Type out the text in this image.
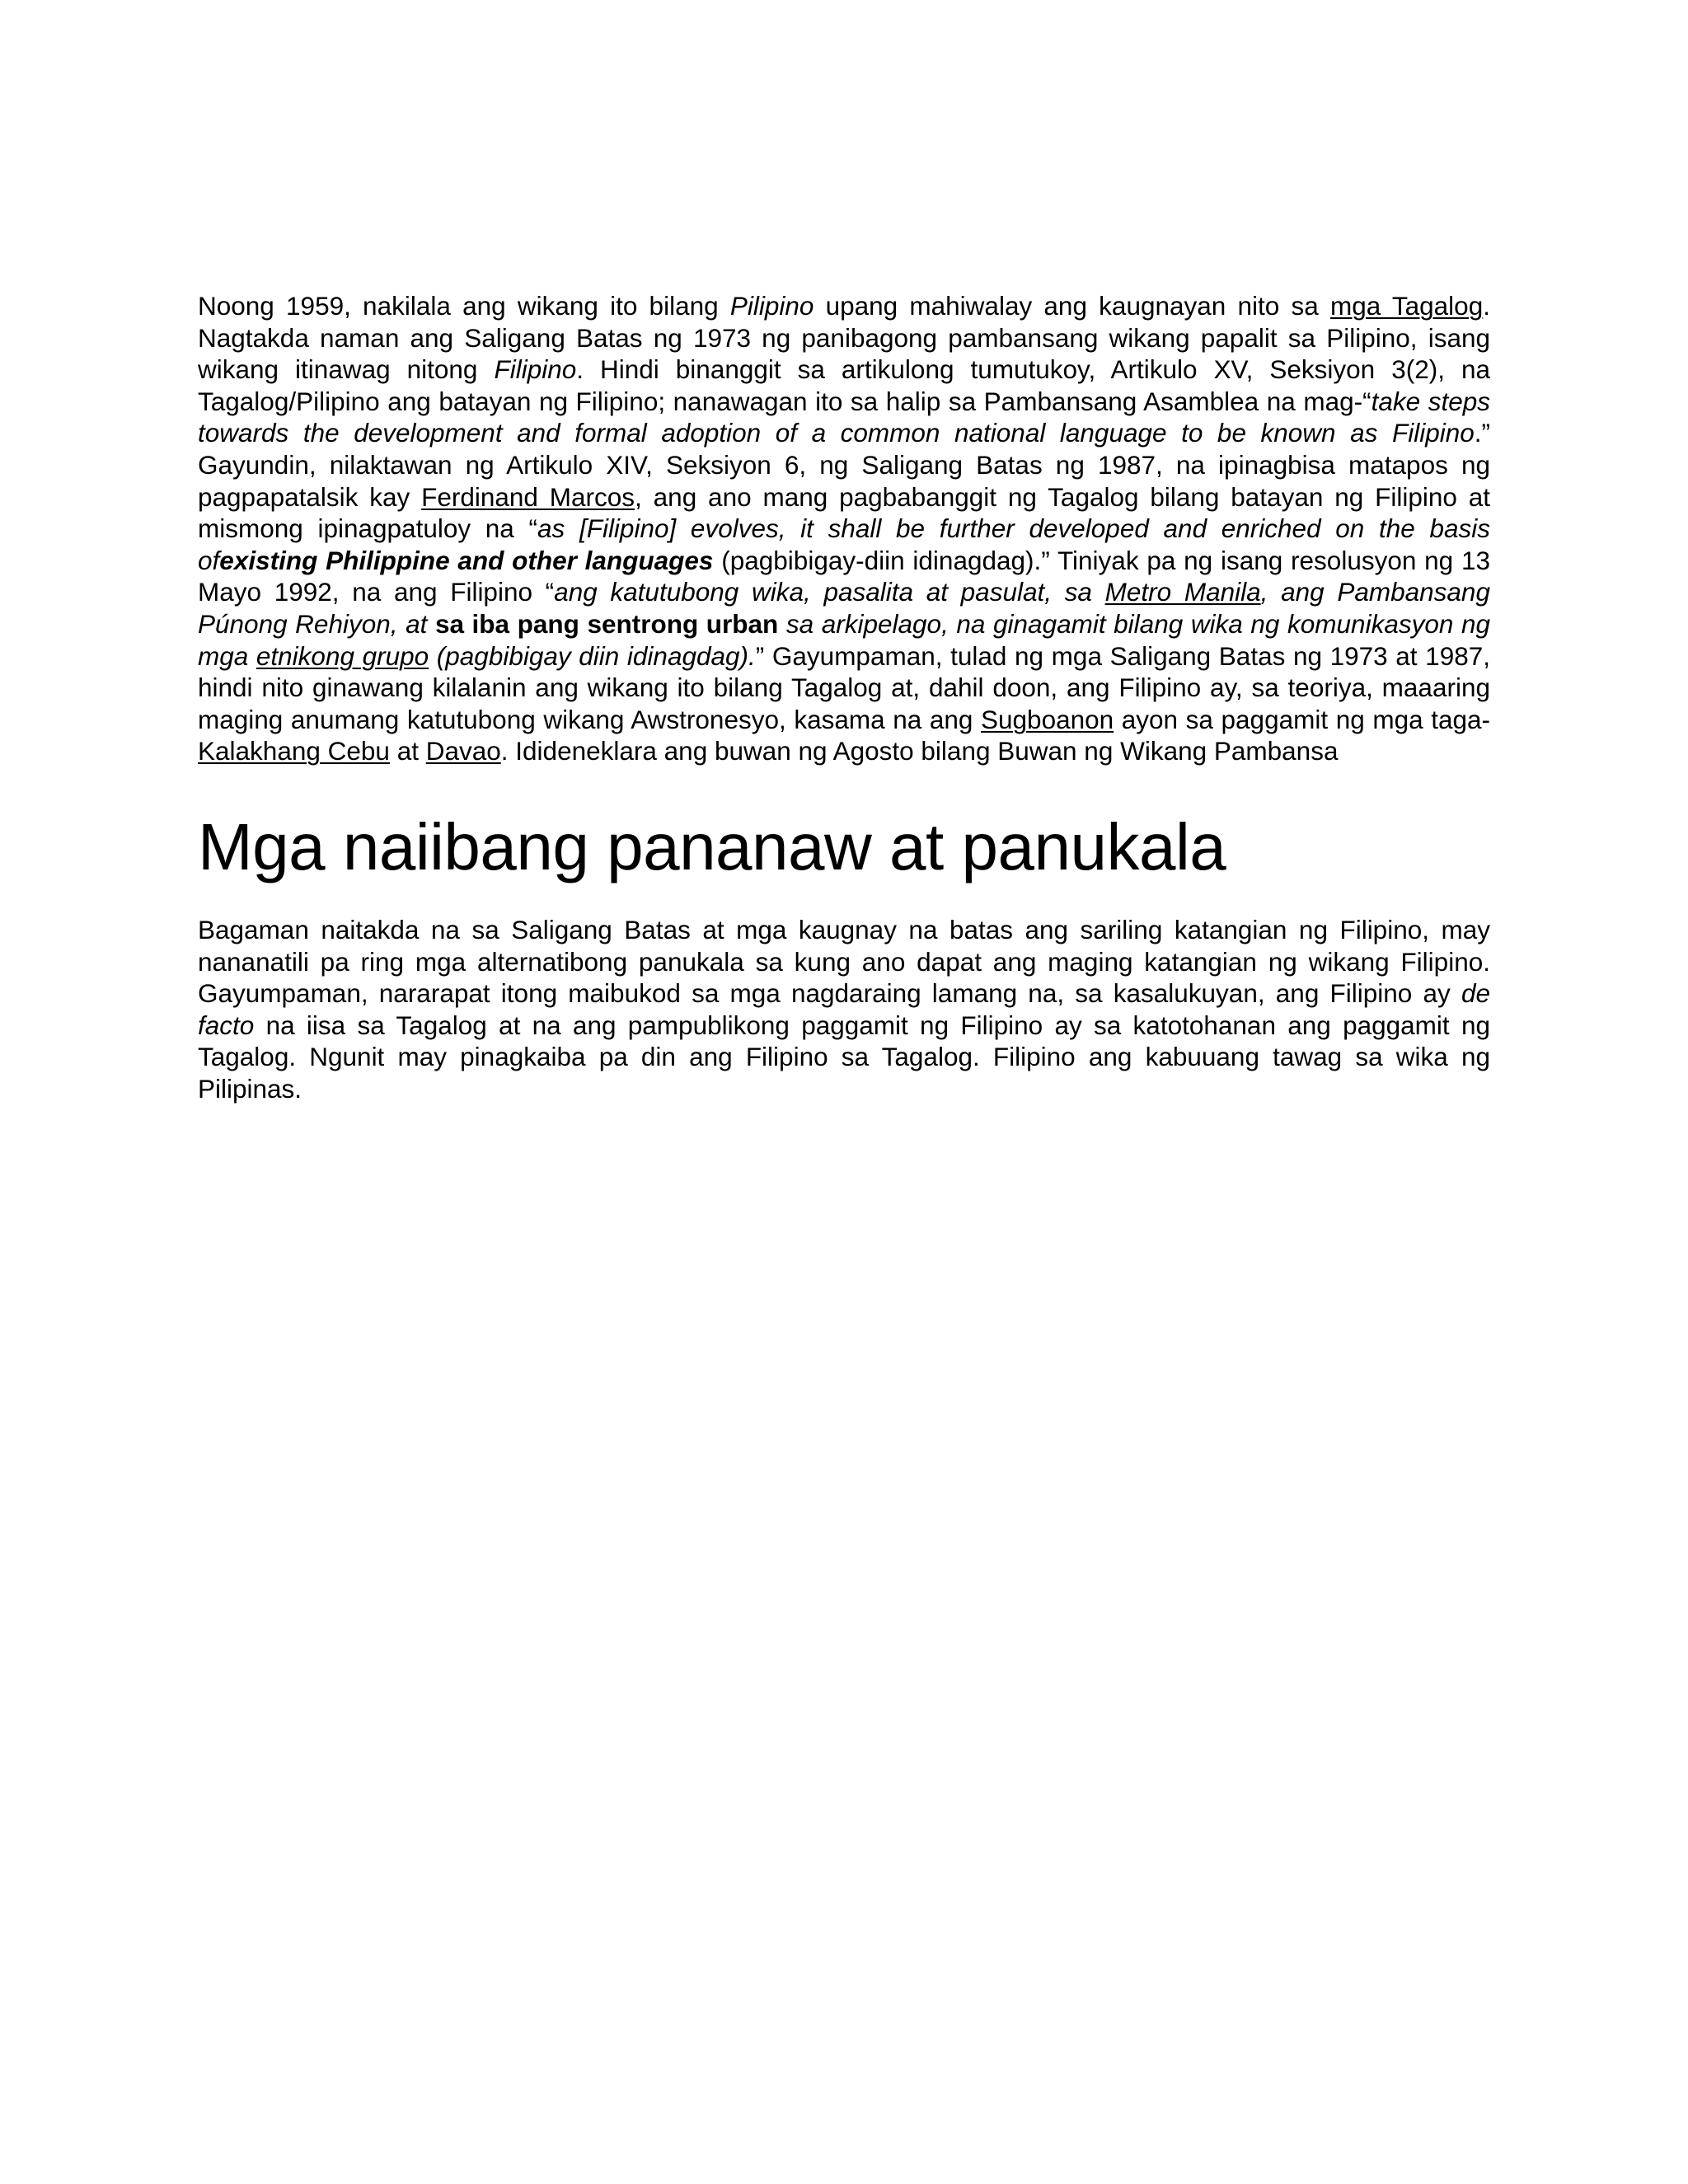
Noong 1959, nakilala ang wikang ito bilang Pilipino upang mahiwalay ang kaugnayan nito sa mga Tagalog. Nagtakda naman ang Saligang Batas ng 1973 ng panibagong pambansang wikang papalit sa Pilipino, isang wikang itinawag nitong Filipino. Hindi binanggit sa artikulong tumutukoy, Artikulo XV, Seksiyon 3(2), na Tagalog/Pilipino ang batayan ng Filipino; nanawagan ito sa halip sa Pambansang Asamblea na mag-“take steps towards the development and formal adoption of a common national language to be known as Filipino.” Gayundin, nilaktawan ng Artikulo XIV, Seksiyon 6, ng Saligang Batas ng 1987, na ipinagbisa matapos ng pagpapatalsik kay Ferdinand Marcos, ang ano mang pagbabanggit ng Tagalog bilang batayan ng Filipino at mismong ipinagpatuloy na “as [Filipino] evolves, it shall be further developed and enriched on the basis ofexisting Philippine and other languages (pagbibigay-diin idinagdag).” Tiniyak pa ng isang resolusyon ng 13 Mayo 1992, na ang Filipino “ang katutubong wika, pasalita at pasulat, sa Metro Manila, ang Pambansang Púnong Rehiyon, at sa iba pang sentrong urban sa arkipelago, na ginagamit bilang wika ng komunikasyon ng mga etnikong grupo (pagbibigay diin idinagdag).” Gayumpaman, tulad ng mga Saligang Batas ng 1973 at 1987, hindi nito ginawang kilalanin ang wikang ito bilang Tagalog at, dahil doon, ang Filipino ay, sa teoriya, maaaring maging anumang katutubong wikang Awstronesyo, kasama na ang Sugboanon ayon sa paggamit ng mga taga-Kalakhang Cebu at Davao. Idideneklara ang buwan ng Agosto bilang Buwan ng Wikang Pambansa

Mga naiibang pananaw at panukala

Bagaman naitakda na sa Saligang Batas at mga kaugnay na batas ang sariling katangian ng Filipino, may nananatili pa ring mga alternatibong panukala sa kung ano dapat ang maging katangian ng wikang Filipino. Gayumpaman, nararapat itong maibukod sa mga nagdaraing lamang na, sa kasalukuyan, ang Filipino ay de facto na iisa sa Tagalog at na ang pampublikong paggamit ng Filipino ay sa katotohanan ang paggamit ng Tagalog. Ngunit may pinagkaiba pa din ang Filipino sa Tagalog. Filipino ang kabuuang tawag sa wika ng Pilipinas.
